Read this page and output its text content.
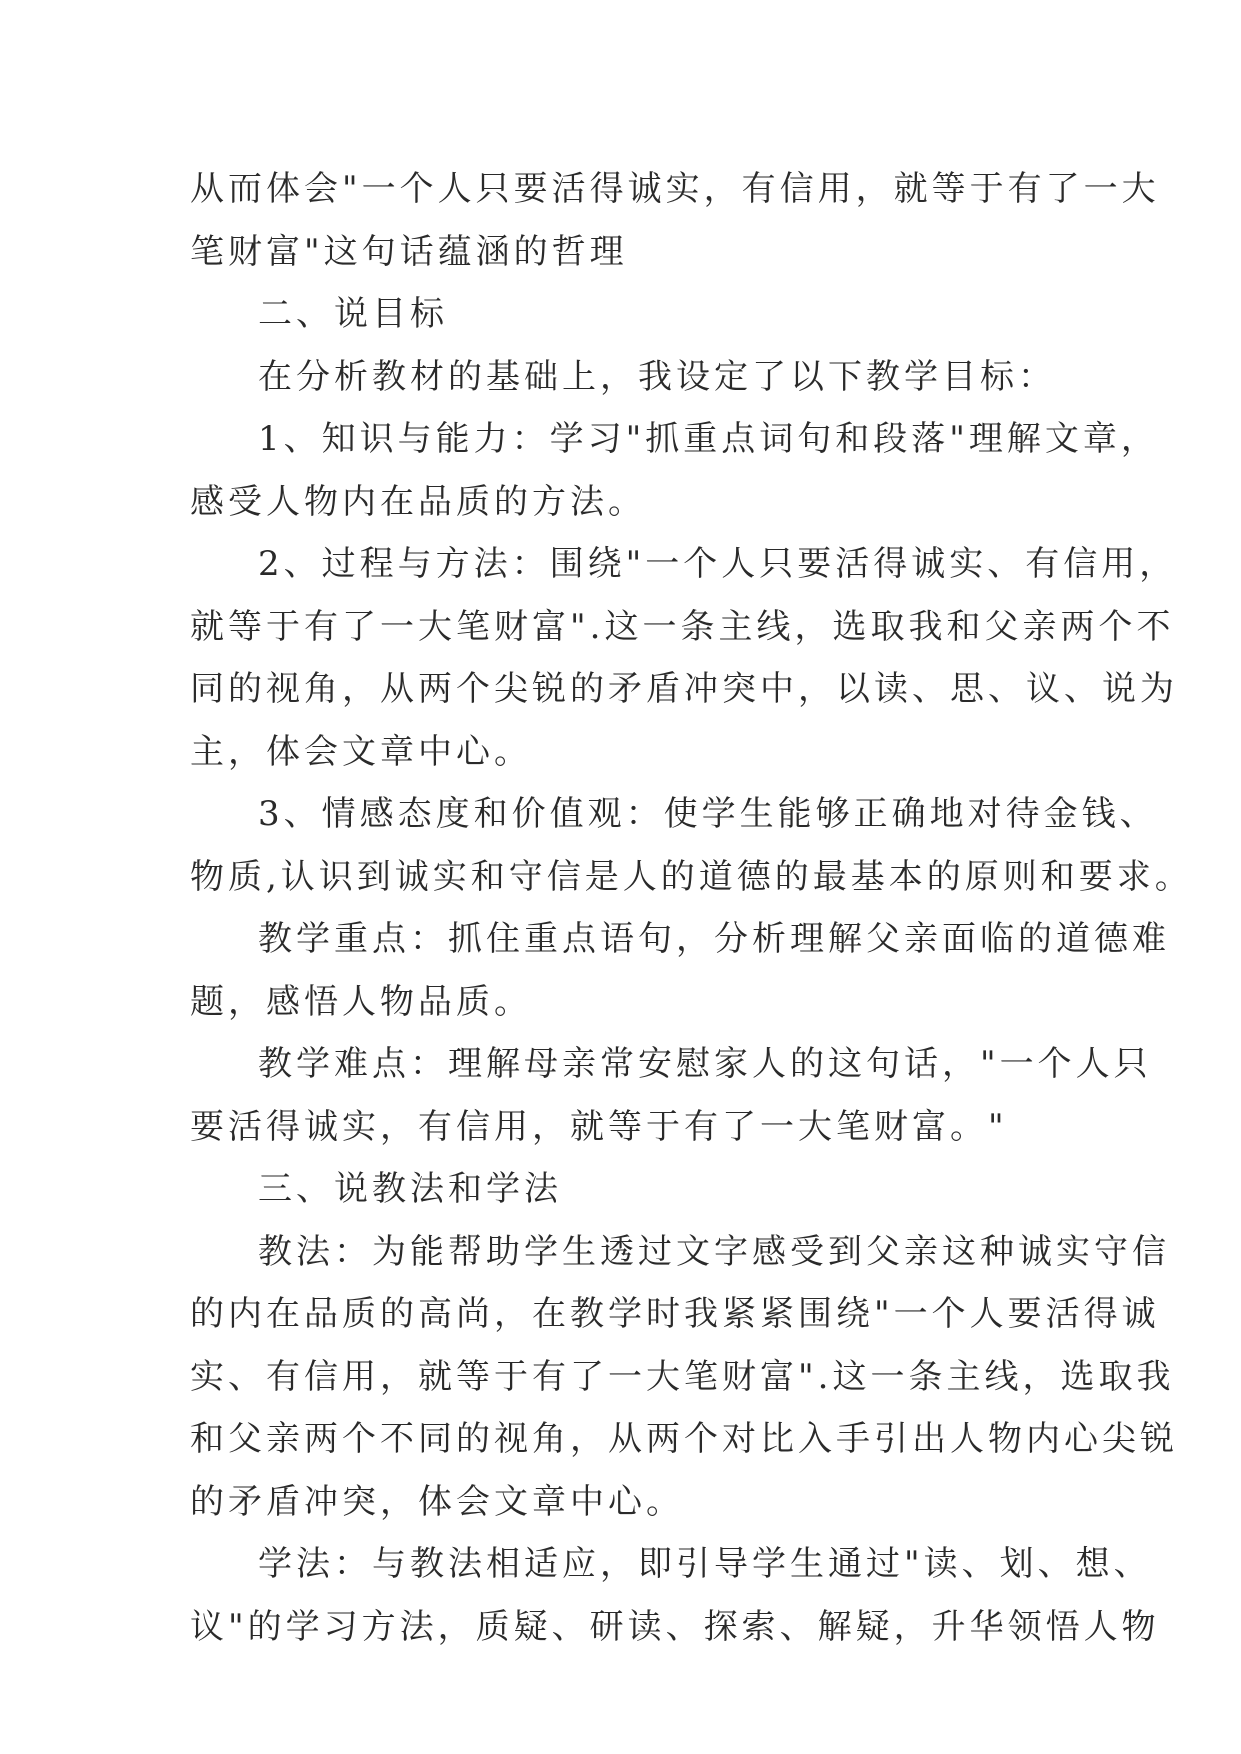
从而体会"一个人只要活得诚实，有信用，就等于有了一大
笔财富"这句话蕴涵的哲理

二、说目标

在分析教材的基础上，我设定了以下教学目标：

1、知识与能力：学习"抓重点词句和段落"理解文章，
感受人物内在品质的方法。

2、过程与方法：围绕"一个人只要活得诚实、有信用，
就等于有了一大笔财富".这一条主线，选取我和父亲两个不
同的视角，从两个尖锐的矛盾冲突中，以读、思、议、说为
主，体会文章中心。

3、情感态度和价值观：使学生能够正确地对待金钱、
物质,认识到诚实和守信是人的道德的最基本的原则和要求。

教学重点：抓住重点语句，分析理解父亲面临的道德难
题，感悟人物品质。

教学难点：理解母亲常安慰家人的这句话，"一个人只
要活得诚实，有信用，就等于有了一大笔财富。"

三、说教法和学法

教法：为能帮助学生透过文字感受到父亲这种诚实守信
的内在品质的高尚，在教学时我紧紧围绕"一个人要活得诚
实、有信用，就等于有了一大笔财富".这一条主线，选取我
和父亲两个不同的视角，从两个对比入手引出人物内心尖锐
的矛盾冲突，体会文章中心。

学法：与教法相适应，即引导学生通过"读、划、想、
议"的学习方法，质疑、研读、探索、解疑，升华领悟人物
